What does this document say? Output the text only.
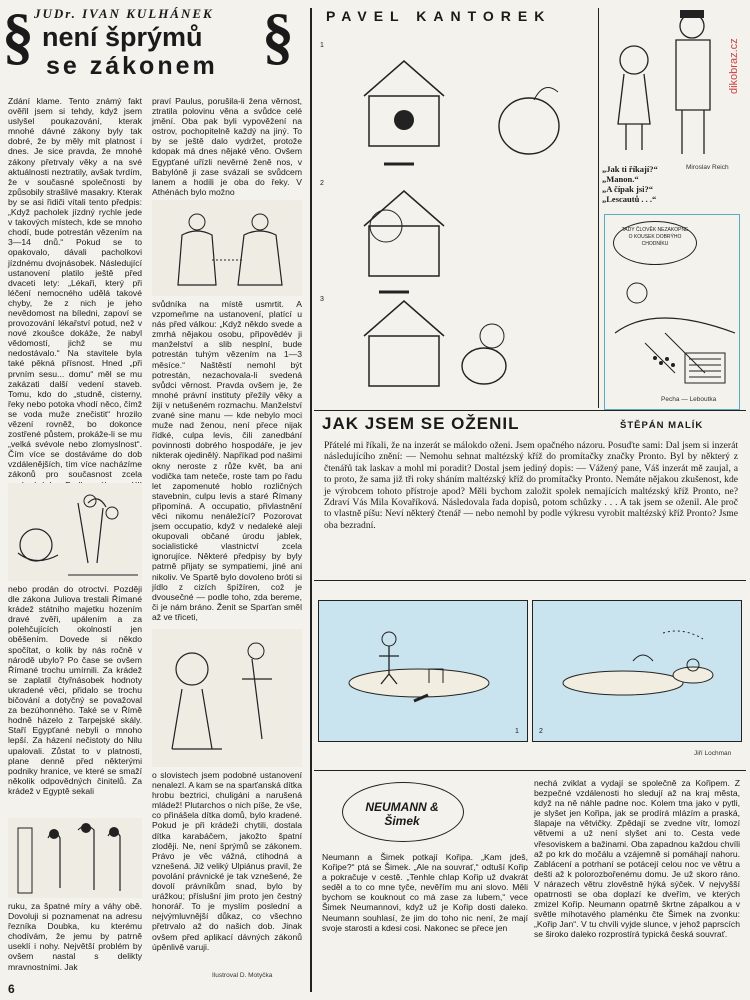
JUDr. IVAN KULHÁNEK
§	§
není šprýmů
se zákonem
Zdání klame. Tento známý fakt ověřil jsem si tehdy, když jsem uslyšel poukazování, kterak mnohé dávné zákony byly tak dobré, že by měly mít platnost i dnes. Je sice pravda, že mnohé zákony přetrvaly věky a na své aktuálnosti neztratily, avšak tvrdím, že v současné společnosti by způsobily strašlivé masakry. Kterak by se asi řidiči vítali tento předpis: „Když pacholek jízdný rychle jede v takových místech, kde se mnoho chodí, bude potrestán vězením na 3—14 dnů.“ Pokud se to opakovalo, dávali pacholkovi jízdnému dvojnásobek. Následující ustanovení platilo ještě před dvaceti lety: „Lékaři, který při léčení nemocného udělá takové chyby, že z nich je jeho nevědomost na bíledni, zapoví se provozování lékařství potud, než v nové zkoušce dokáže, že nabyl vědomostí, jichž se mu nedostávalo.“ Na stavitele byla také pěkná přísnost. Hned „při prvním sesu... domu“ měl se mu zakázati další vedení staveb. Tomu, kdo do „studně, cisterny, řeky nebo potoka vhodí něco, čímž se voda muže znečistit“ hrozilo vězení rovněž, bo dokonce zostřené půstem, prokáže-li se mu „velká svévole nebo zlomyslnost“. Čím více se dostáváme do dob vzdálenějších, tím více nacházíme zákonů pro současnost zcela
nebo prodán do otroctví. Později dle zákona Juliova trestali Římané krádež státního majetku hozením dravé zvěři, upálením a za polehčujících okolností jen oběšením. Dovede si někdo spočítat, o kolik by nás ročně v národě ubylo? Po čase se ovšem Římané trochu umírnili. Za krádež se zaplatil čtyřnásobek hodnoty ukradené věci, přidalo se trochu bičování a dotyčný se považoval za bezúhonného. Také se v Římě hodně házelo z Tarpejské skály. Staří Egypťané nebyli o mnoho lepší. Za házení nečistoty do Nilu upalovali. Zůstat to v platnosti, plane denně před některými podniky hranice, ve které se smaží několik odpovědných činitelů. Za krádež v Egyptě sekali
ruku, za špatné míry a váhy obě. Dovoluji si poznamenat na adresu řezníka Doubka, ku kterému chodívám, že jemu by patrně useklí i nohy. Největší problém by ovšem nastal s delikty mravnostními. Jak
praví Paulus, porušila-li žena věrnost, ztratila polovinu věna a svůdce celé jmění. Oba pak byli vypověžení na ostrov, pochopitelně každý na jiný. To by se ještě dalo vydržet, protože kdopak má dnes nějaké věno. Ovšem Egypťané uřízli nevěrné ženě nos, v Babylóně ji zase svázali se svůdcem lanem a hodili je oba do řeky. V Athénách bylo možno
svůdníka na místě usmrtit. A vzpomeňme na ustanovení, platící u nás před válkou: „Když někdo svede a zmrhá nějakou osobu, připovědév ji manželství a slib nesplní, bude potrestán tuhým vězením na 1—3 měsíce.“ Naštěstí nemohl být potrestán, nezachovala-li svedená svůdci věrnost. Pravda ovšem je, že mnohé právní instituty přežily věky a žijí v netušeném rozmachu. Manželství zvané sine manu — kde nebylo moci muže nad ženou, není přece nijak řídké, culpa levis, čili zanedbání povinnosti dobrého hospodáře, je jev nikterak ojedinělý. Napříkad pod našimi okny neroste z růže květ, ba ani vodičkа tam neteče, roste tam po řadu let zapomenuté hoblo rozličných stavebnin, culpu levis a staré Římany připomíná. A occupatio, přivlastnění věci nikomu nenáležící? Pozorovat jsem occupatio, když v nedaleké aleji okupovali občané úrodu jablek, socialistické vlastnictví zcela ignorujíce. Některé předpisy by byly patrně přijaty se sympatiemi, jiné ani nikoliv. Ve Spartě bylo dovoleno bróti si jídlo z cizích špížíren, což je dvousečné — podle toho, zda bereme, či je nám bráno. Ženit se Sparťan směl až ve třiceti,
o slovistech jsem podobné ustanovení nenalezl. A kam se na sparťanská dítka hrobu beztrici, chuligáni a narušená mládež! Plutarchos o nich píše, že vše, co přinášela dítka domů, bylo kradené. Pokud je při krádeži chytili, dostala dítka karabáčem, jakožto špatní zloději. Ne, není šprýmů se zákonem. Právo je věc vážná, ctihodná a vznešená. Již veliký Ulpiánus pravil, že povolání právnické je tak vznešené, že dovolí právníkům snad, bylo by urážkou; příslušní jim proto jen čestný honorář. To je myslím poslední a nejvýmluvnější důkaz, co všechno přetrvalo až do našich dob. Jinak ovšem před aplikací dávných zákonů úpěnlivě varuji.
Ilustroval D. Motyčka
6
PAVEL KANTOREK
1
2
3
„Jak ti říkají?“
„Manon.“
„A čípak jsi?“
„Lescautů . . .“
Miroslav Reich
dikobraz.cz
TADY ČLOVĚK NEZAKOPNE O KOUSEK DOBRÝHO CHODNÍKU
Pecha — Leboutka
JAK JSEM SE OŽENIL	ŠTĚPÁN MALÍK
Přátelé mi říkali, že na inzerát se málokdo oženi. Jsem opačného názoru. Posuďte sami: Dal jsem si inzerát následujícího znění: — Nemohu sehnat maltézský kříž do promítačky značky Pronto. Byl by některý z čtenářů tak laskav a mohl mi poradit? Dostal jsem jediný dopis: — Vážený pane, Váš inzerát mě zaujal, a to proto, že sama již tři roky sháním maltézský kříž do promítačky Pronto. Nemáte nějakou zkušenost, kde je výrobcem tohoto přístroje apod? Měli bychom založit spolek nemajících maltézský kříž Pronto, ne? Zdraví Vás Milа Kovaříková. Následovala řada dopisů, potom schůzky . . . A tak jsem se oženil. Ale proč to vlastně píšu: Neví některý čtenář — nebo nemohl by podle výkresu vyrobit maltézský kříž Pronto? Jsme oba bezradní.
1	2
Jiří Lochman
NEUMANN & Šimek
Neumann a Šimek potkají Kořipa. „Kam jdeš, Kořipe?“ ptá se Šimek. „Ale na souvrať,“ odtuší Kořip a pokračuje v cestě. „Tenhle chlap Kořip už dvakrát seděl a to co mne tyče, nevěřím mu ani slovo. Měli bychom se kouknout co má zase za lubem,“ vece Šimek Neumannovi, když už je Kořip dosti daleko. Neumann souhlasí, že jim do toho nic není, že mají svoje starosti a kdesi cosi. Nakonec se přece jen
nechá zviklat a vydají se společně za Kořipem. Z bezpečné vzdálenosti ho sledují až na kraj města, když na ně náhle padne noc. Kolem tma jako v pytli, je slyšet jen Kořipa, jak se prodírá mlázím a praská, šlapaje na větvičky. Zpědají se zvedne vítr, lomozí větvemi a už není slyšet ani to. Cesta vede vřesoviskem a bažinami. Oba zapadnou každou chvíli až po krk do močálu a vzájemně si pomáhají nahoru. Zablácení a potrhaní se potácejí celou noc ve větru a dešti až k polorozbořenému domu. Je už skoro ráno. V nárazech větru zlověstně hýká sýček. V nejvyšší opatrnosti se oba doplazí ke dveřím, ve kterých zmizel Kořip. Neumann opatrně škrtne zápalkou a v světle míhotavého plaménku čte Šimek na zvonku: „Kořip Jan“. V tu chvíli vyjde slunce, v jehož paprscích se široko daleko rozprostírá typická česká souvrať.
